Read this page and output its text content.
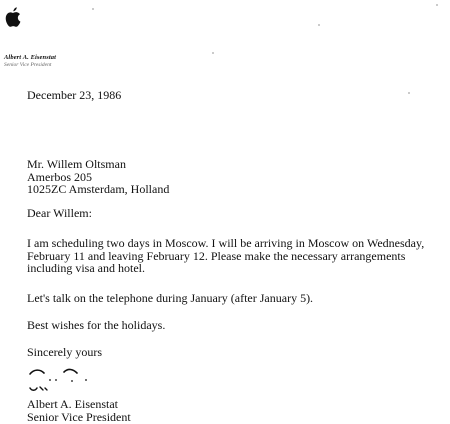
Albert A. Eisenstat
Senior Vice President
December 23, 1986
Mr. Willem Oltsman
Amerbos 205
1025ZC Amsterdam, Holland
Dear Willem:
I am scheduling two days in Moscow. I will be arriving in Moscow on Wednesday,
February 11 and leaving February 12. Please make the necessary arrangements
including visa and hotel.
Let's talk on the telephone during January (after January 5).
Best wishes for the holidays.
Sincerely yours
Albert A. Eisenstat
Senior Vice President
